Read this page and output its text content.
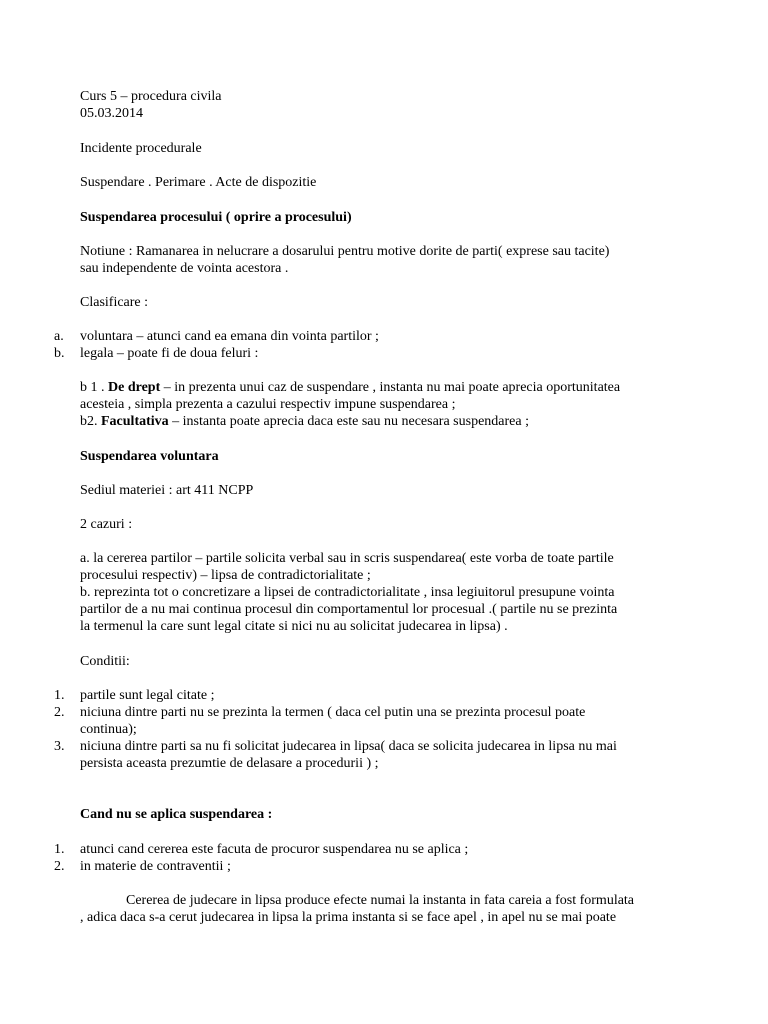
Curs 5 – procedura civila
05.03.2014
Incidente procedurale
Suspendare . Perimare . Acte de dispozitie
Suspendarea procesului ( oprire a procesului)
Notiune : Ramanarea in nelucrare a dosarului pentru motive dorite de parti( exprese sau tacite)
sau independente de vointa acestora .
Clasificare :
a. voluntara – atunci cand ea emana din vointa partilor ;
b. legala – poate fi de doua feluri :
b 1 . De drept – in prezenta unui caz de suspendare , instanta nu mai poate aprecia oportunitatea
acesteia , simpla prezenta a cazului respectiv impune suspendarea ;
b2. Facultativa – instanta poate aprecia daca este sau nu necesara suspendarea ;
Suspendarea voluntara
Sediul materiei : art 411 NCPP
2 cazuri :
a. la cererea partilor – partile solicita verbal sau in scris suspendarea( este vorba de toate partile
procesului respectiv) – lipsa de contradictorialitate ;
b. reprezinta tot o concretizare a lipsei de contradictorialitate , insa legiuitorul presupune vointa
partilor de a nu mai continua procesul din comportamentul lor procesual .( partile nu se prezinta
la termenul la care sunt legal citate si nici nu au solicitat judecarea in lipsa) .
Conditii:
1. partile sunt legal citate ;
2. niciuna dintre parti nu se prezinta la termen ( daca cel putin una se prezinta procesul poate
continua);
3. niciuna dintre parti sa nu fi solicitat judecarea in lipsa( daca se solicita judecarea in lipsa nu mai
persista aceasta prezumtie de delasare a procedurii ) ;
Cand nu se aplica suspendarea :
1. atunci cand cererea este facuta de procuror suspendarea nu se aplica ;
2. in materie de contraventii ;
Cererea de judecare in lipsa produce efecte numai la instanta in fata careia a fost formulata
, adica daca s-a cerut judecarea in lipsa la prima instanta si se face apel , in apel nu se mai poate
